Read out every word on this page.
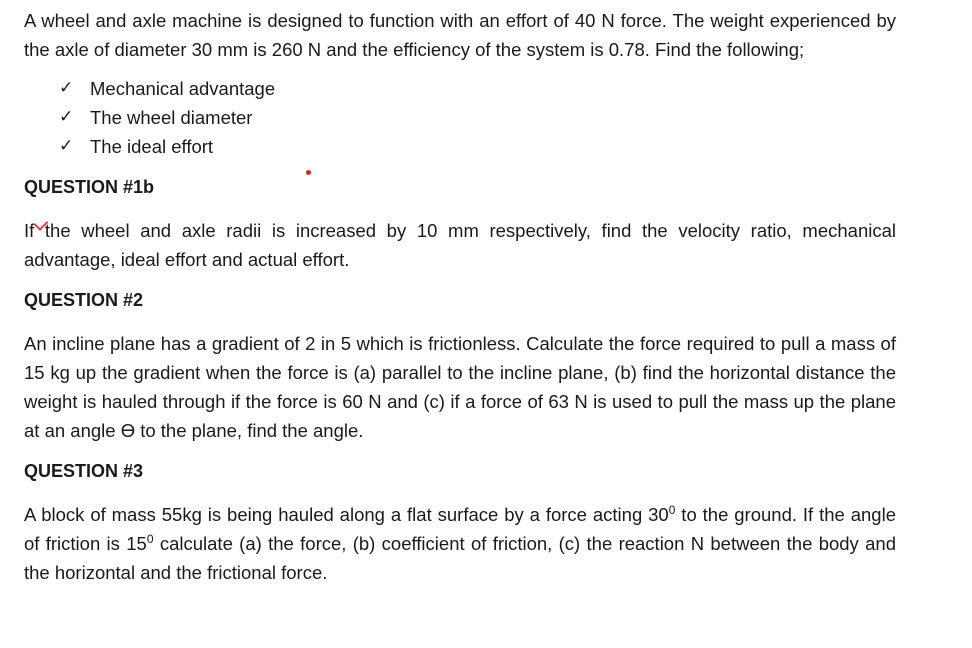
A wheel and axle machine is designed to function with an effort of 40 N force. The weight experienced by the axle of diameter 30 mm is 260 N and the efficiency of the system is 0.78. Find the following;

✓ Mechanical advantage
✓ The wheel diameter
✓ The ideal effort
QUESTION #1b

If the wheel and axle radii is increased by 10 mm respectively, find the velocity ratio, mechanical advantage, ideal effort and actual effort.

QUESTION #2

An incline plane has a gradient of 2 in 5 which is frictionless. Calculate the force required to pull a mass of 15 kg up the gradient when the force is (a) parallel to the incline plane, (b) find the horizontal distance the weight is hauled through if the force is 60 N and (c) if a force of 63 N is used to pull the mass up the plane at an angle ϴ to the plane, find the angle.

QUESTION #3

A block of mass 55kg is being hauled along a flat surface by a force acting $30^0$ to the ground. If the angle of friction is $15^0$ calculate (a) the force, (b) coefficient of friction, (c) the reaction N between the body and the horizontal and the frictional force.
